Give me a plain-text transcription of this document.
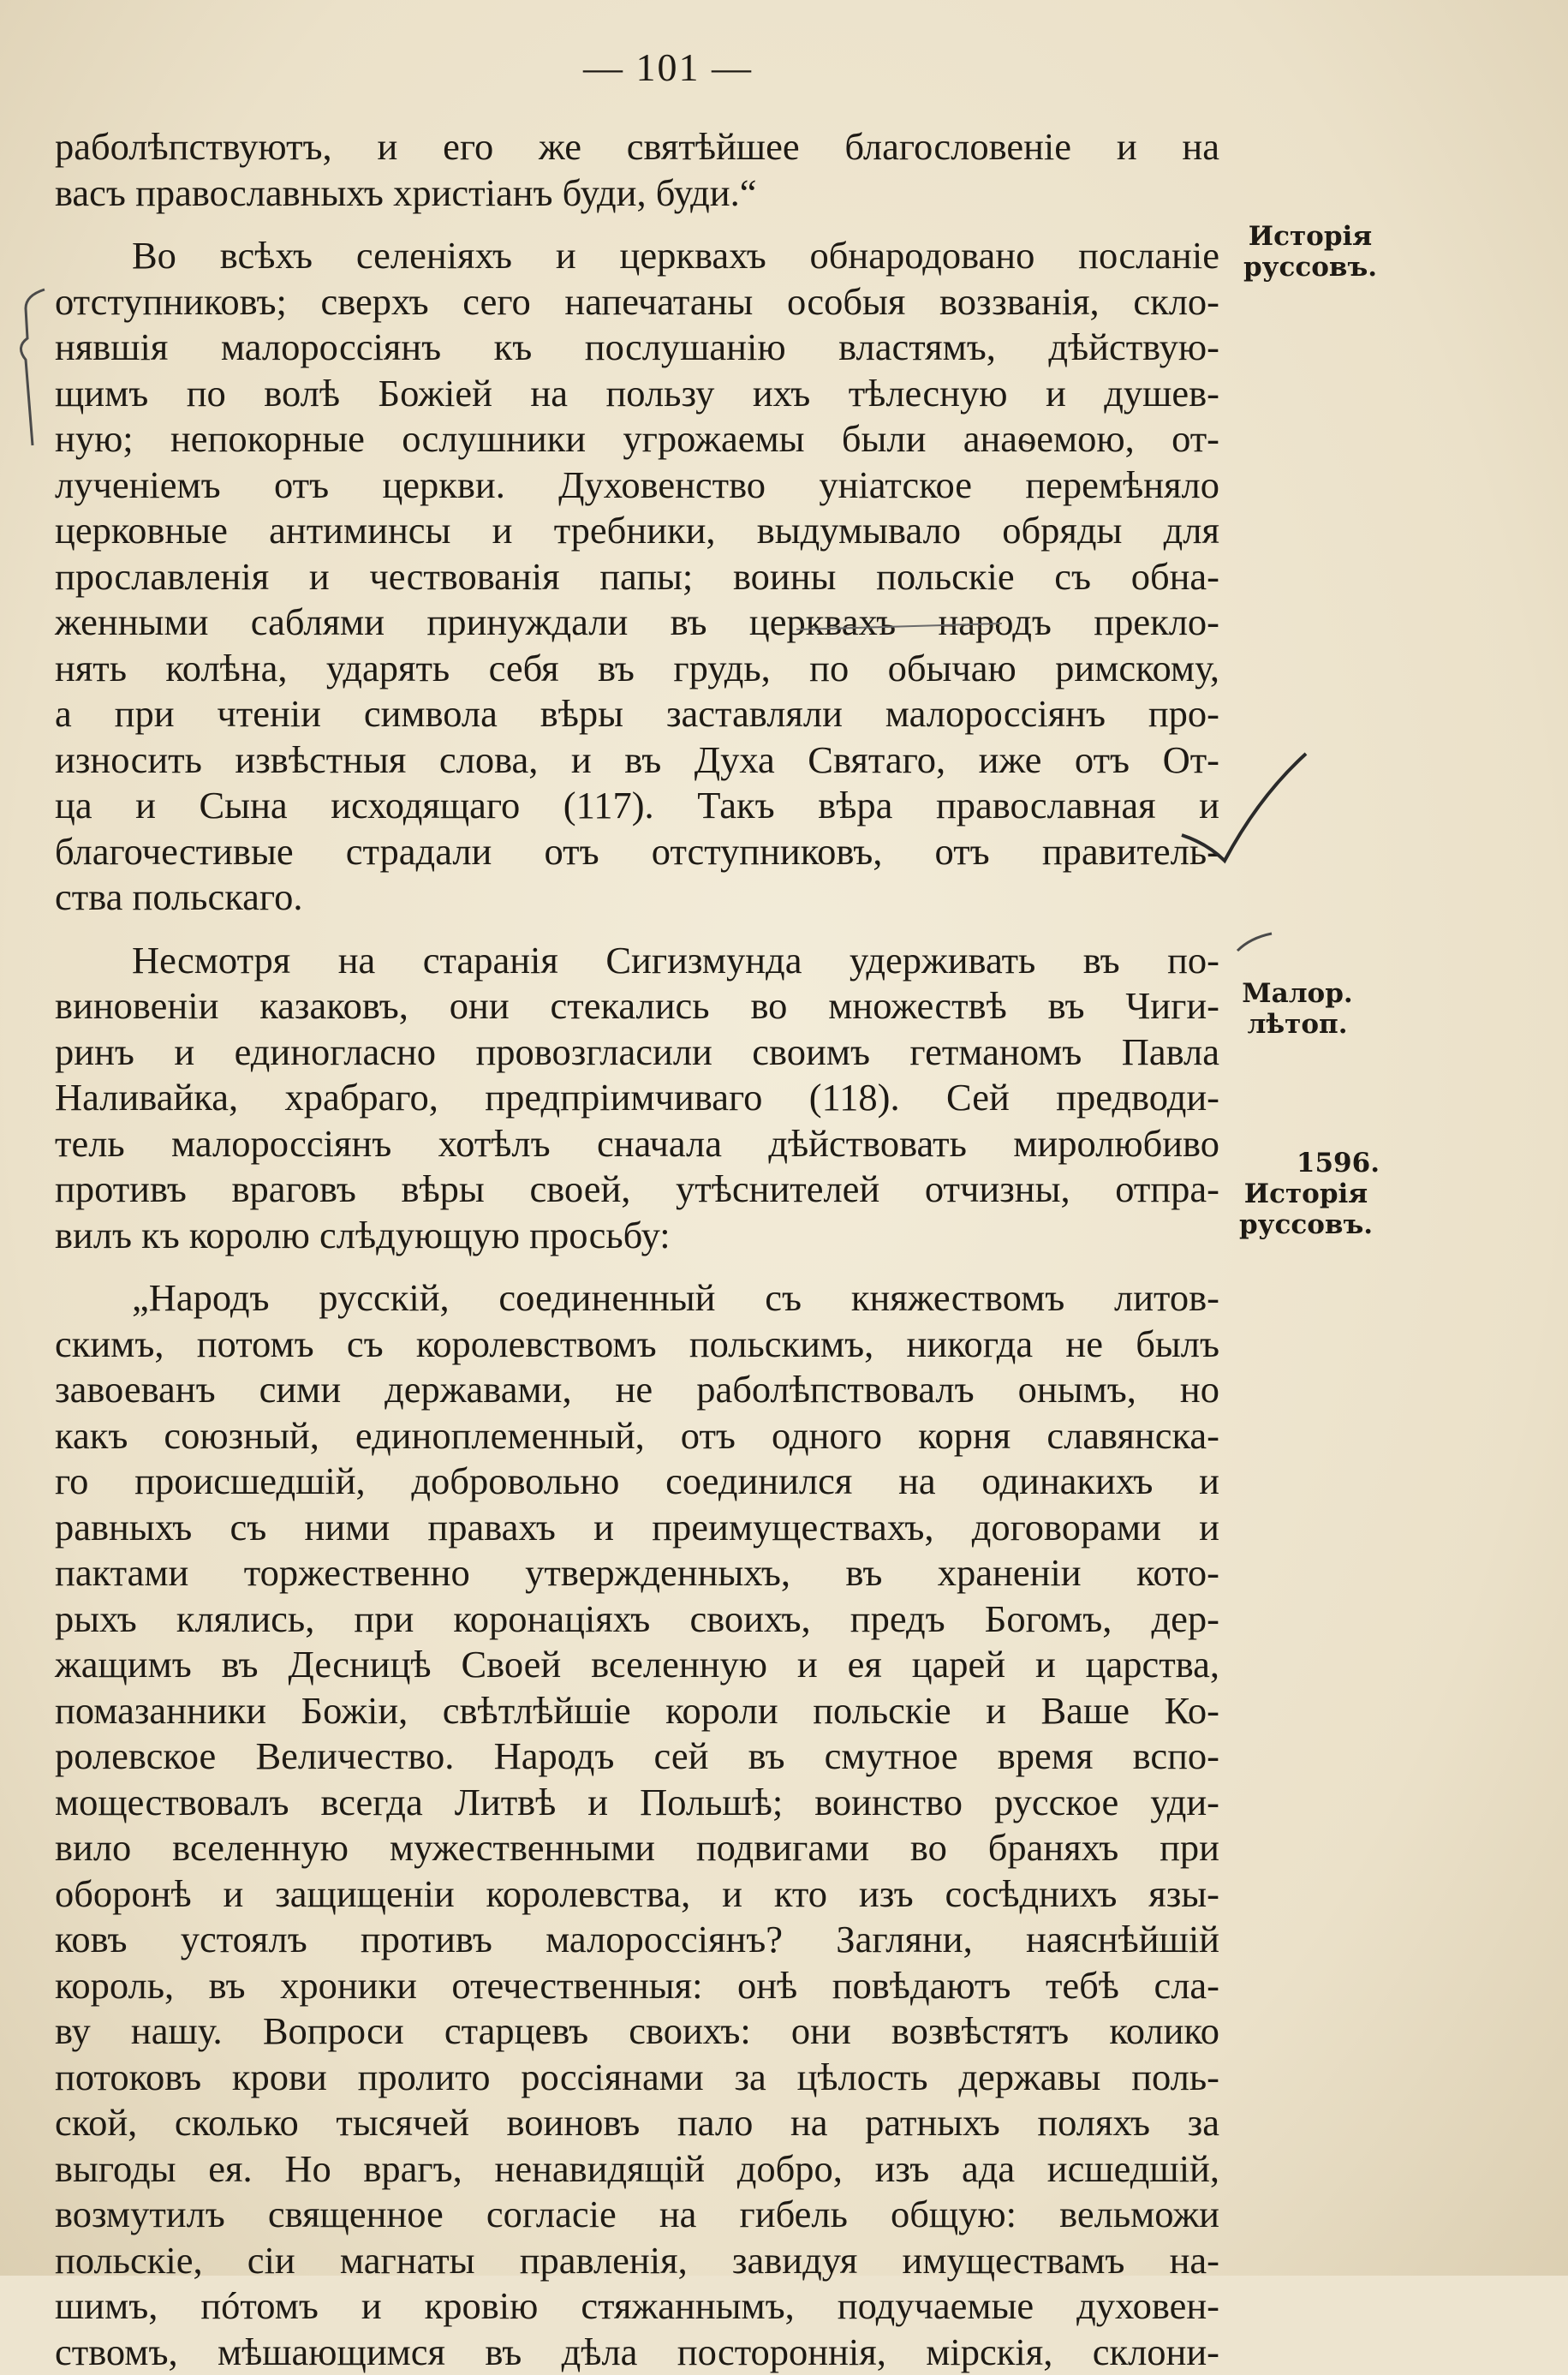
— 101 —
раболѣпствуютъ, и его же святѣйшее благословеніе и на
васъ православныхъ христіанъ буди, буди.“
Во всѣхъ селеніяхъ и церквахъ обнародовано посланіе
отступниковъ; сверхъ сего напечатаны особыя воззванія, скло-
нявшія малороссіянъ къ послушанію властямъ, дѣйствую-
щимъ по волѣ Божіей на пользу ихъ тѣлесную и душев-
ную; непокорные ослушники угрожаемы были анаѳемою, от-
лученіемъ отъ церкви. Духовенство уніатское перемѣняло
церковные антиминсы и требники, выдумывало обряды для
прославленія и чествованія папы; воины польскіе съ обна-
женными саблями принуждали въ церквахъ народъ преклo-
нять колѣна, ударять себя въ грудь, по обычаю римскому,
а при чтеніи символа вѣры заставляли малороссіянъ про-
износить извѣстныя слова, и въ Духа Святаго, иже отъ От-
ца и Сына исходящаго (117). Такъ вѣра православная и
благочестивые страдали отъ отступниковъ, отъ правитель-
ства польскаго.
Несмотря на старанія Сигизмунда удерживать въ по-
виновеніи казаковъ, они стекались во множествѣ въ Чиги-
ринъ и единогласно провозгласили своимъ гетманомъ Павла
Наливайка, храбраго, предпріимчиваго (118). Сей предводи-
тель малороссіянъ хотѣлъ сначала дѣйствовать миролюбиво
противъ враговъ вѣры своей, утѣснителей отчизны, отпра-
вилъ къ королю слѣдующую просьбу:
„Народъ русскій, соединенный съ княжествомъ литов-
скимъ, потомъ съ королевствомъ польскимъ, никогда не былъ
завоеванъ сими державами, не раболѣпствовалъ онымъ, но
какъ союзный, единоплеменный, отъ одного корня славянска-
го происшедшій, добровольно соединился на одинакихъ и
равныхъ съ ними правахъ и преимуществахъ, договорами и
пактами торжественно утвержденныхъ, въ храненіи кото-
рыхъ клялись, при коронаціяхъ своихъ, предъ Богомъ, дер-
жащимъ въ Десницѣ Своей вселенную и ея царей и царства,
помазанники Божіи, свѣтлѣйшіе короли польскіе и Ваше Ко-
ролевское Величество. Народъ сей въ смутное время вспо-
моществовалъ всегда Литвѣ и Польшѣ; воинство русское уди-
вило вселенную мужественными подвигами во браняхъ при
оборонѣ и защищеніи королевства, и кто изъ сосѣднихъ язы-
ковъ устоялъ противъ малороссіянъ? Загляни, наяснѣйшій
король, въ хроники отечественныя: онѣ повѣдаютъ тебѣ сла-
ву нашу. Вопроси старцевъ своихъ: они возвѣстятъ колико
потоковъ крови пролито россіянами за цѣлость державы поль-
ской, сколько тысячей воиновъ пало на ратныхъ поляхъ за
выгоды ея. Но врагъ, ненавидящій добро, изъ ада исшедшій,
возмутилъ священное согласіе на гибель общую: вельможи
польскіе, сіи магнаты правленія, завидуя имуществамъ на-
шимъ, пóтомъ и кровію стяжаннымъ, подучаемые духовен-
ствомъ, мѣшающимся въ дѣла постороннія, мірскія, склони-
Исторія
руссовъ.
Малор.
лѣтоп.
1596.
Исторія
руссовъ.
